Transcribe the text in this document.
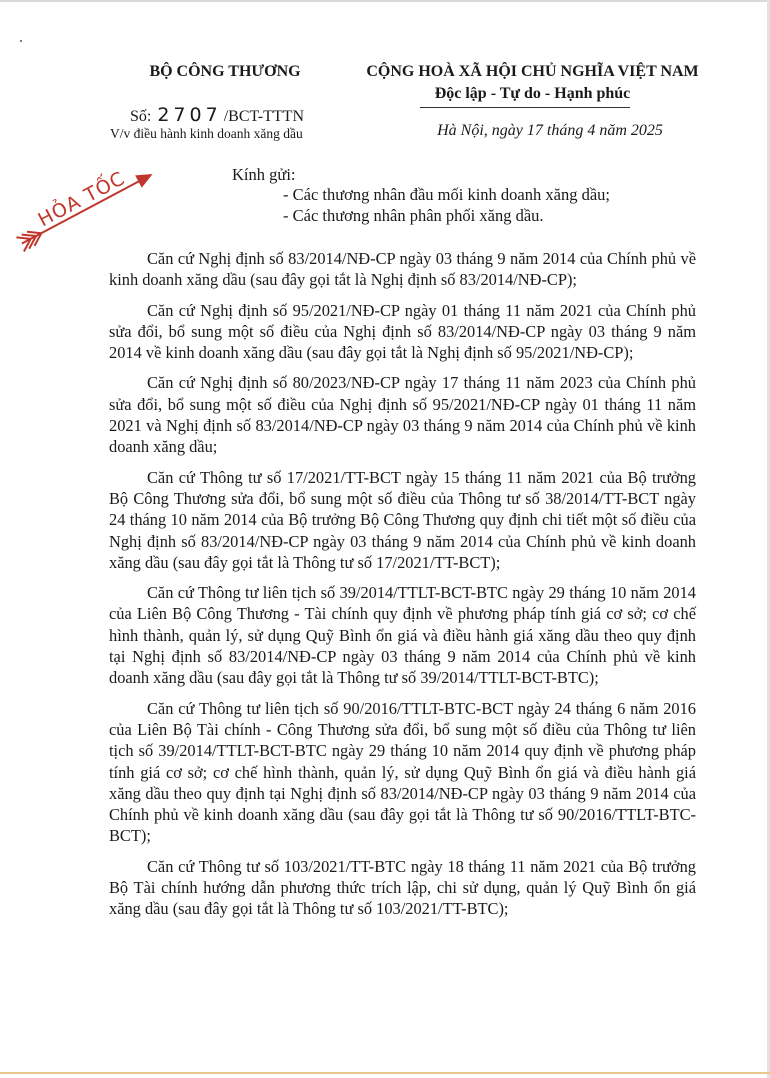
BỘ CÔNG THƯƠNG	CỘNG HOÀ XÃ HỘI CHỦ NGHĨA VIỆT NAM
Độc lập - Tự do - Hạnh phúc
Số: 2707 /BCT-TTTN
V/v điều hành kinh doanh xăng dầu	Hà Nội, ngày 17 tháng 4 năm 2025
HỎA TỐC	Kính gửi:
- Các thương nhân đầu mối kinh doanh xăng dầu;
- Các thương nhân phân phối xăng dầu.

Căn cứ Nghị định số 83/2014/NĐ-CP ngày 03 tháng 9 năm 2014 của Chính phủ về kinh doanh xăng dầu (sau đây gọi tắt là Nghị định số 83/2014/NĐ-CP);

Căn cứ Nghị định số 95/2021/NĐ-CP ngày 01 tháng 11 năm 2021 của Chính phủ sửa đổi, bổ sung một số điều của Nghị định số 83/2014/NĐ-CP ngày 03 tháng 9 năm 2014 về kinh doanh xăng dầu (sau đây gọi tắt là Nghị định số 95/2021/NĐ-CP);

Căn cứ Nghị định số 80/2023/NĐ-CP ngày 17 tháng 11 năm 2023 của Chính phủ sửa đổi, bổ sung một số điều của Nghị định số 95/2021/NĐ-CP ngày 01 tháng 11 năm 2021 và Nghị định số 83/2014/NĐ-CP ngày 03 tháng 9 năm 2014 của Chính phủ về kinh doanh xăng dầu;

Căn cứ Thông tư số 17/2021/TT-BCT ngày 15 tháng 11 năm 2021 của Bộ trưởng Bộ Công Thương sửa đổi, bổ sung một số điều của Thông tư số 38/2014/TT-BCT ngày 24 tháng 10 năm 2014 của Bộ trưởng Bộ Công Thương quy định chi tiết một số điều của Nghị định số 83/2014/NĐ-CP ngày 03 tháng 9 năm 2014 của Chính phủ về kinh doanh xăng dầu (sau đây gọi tắt là Thông tư số 17/2021/TT-BCT);

Căn cứ Thông tư liên tịch số 39/2014/TTLT-BCT-BTC ngày 29 tháng 10 năm 2014 của Liên Bộ Công Thương - Tài chính quy định về phương pháp tính giá cơ sở; cơ chế hình thành, quản lý, sử dụng Quỹ Bình ổn giá và điều hành giá xăng dầu theo quy định tại Nghị định số 83/2014/NĐ-CP ngày 03 tháng 9 năm 2014 của Chính phủ về kinh doanh xăng dầu (sau đây gọi tắt là Thông tư số 39/2014/TTLT-BCT-BTC);

Căn cứ Thông tư liên tịch số 90/2016/TTLT-BTC-BCT ngày 24 tháng 6 năm 2016 của Liên Bộ Tài chính - Công Thương sửa đổi, bổ sung một số điều của Thông tư liên tịch số 39/2014/TTLT-BCT-BTC ngày 29 tháng 10 năm 2014 quy định về phương pháp tính giá cơ sở; cơ chế hình thành, quản lý, sử dụng Quỹ Bình ổn giá và điều hành giá xăng dầu theo quy định tại Nghị định số 83/2014/NĐ-CP ngày 03 tháng 9 năm 2014 của Chính phủ về kinh doanh xăng dầu (sau đây gọi tắt là Thông tư số 90/2016/TTLT-BTC-BCT);

Căn cứ Thông tư số 103/2021/TT-BTC ngày 18 tháng 11 năm 2021 của Bộ trưởng Bộ Tài chính hướng dẫn phương thức trích lập, chi sử dụng, quản lý Quỹ Bình ổn giá xăng dầu (sau đây gọi tắt là Thông tư số 103/2021/TT-BTC);
